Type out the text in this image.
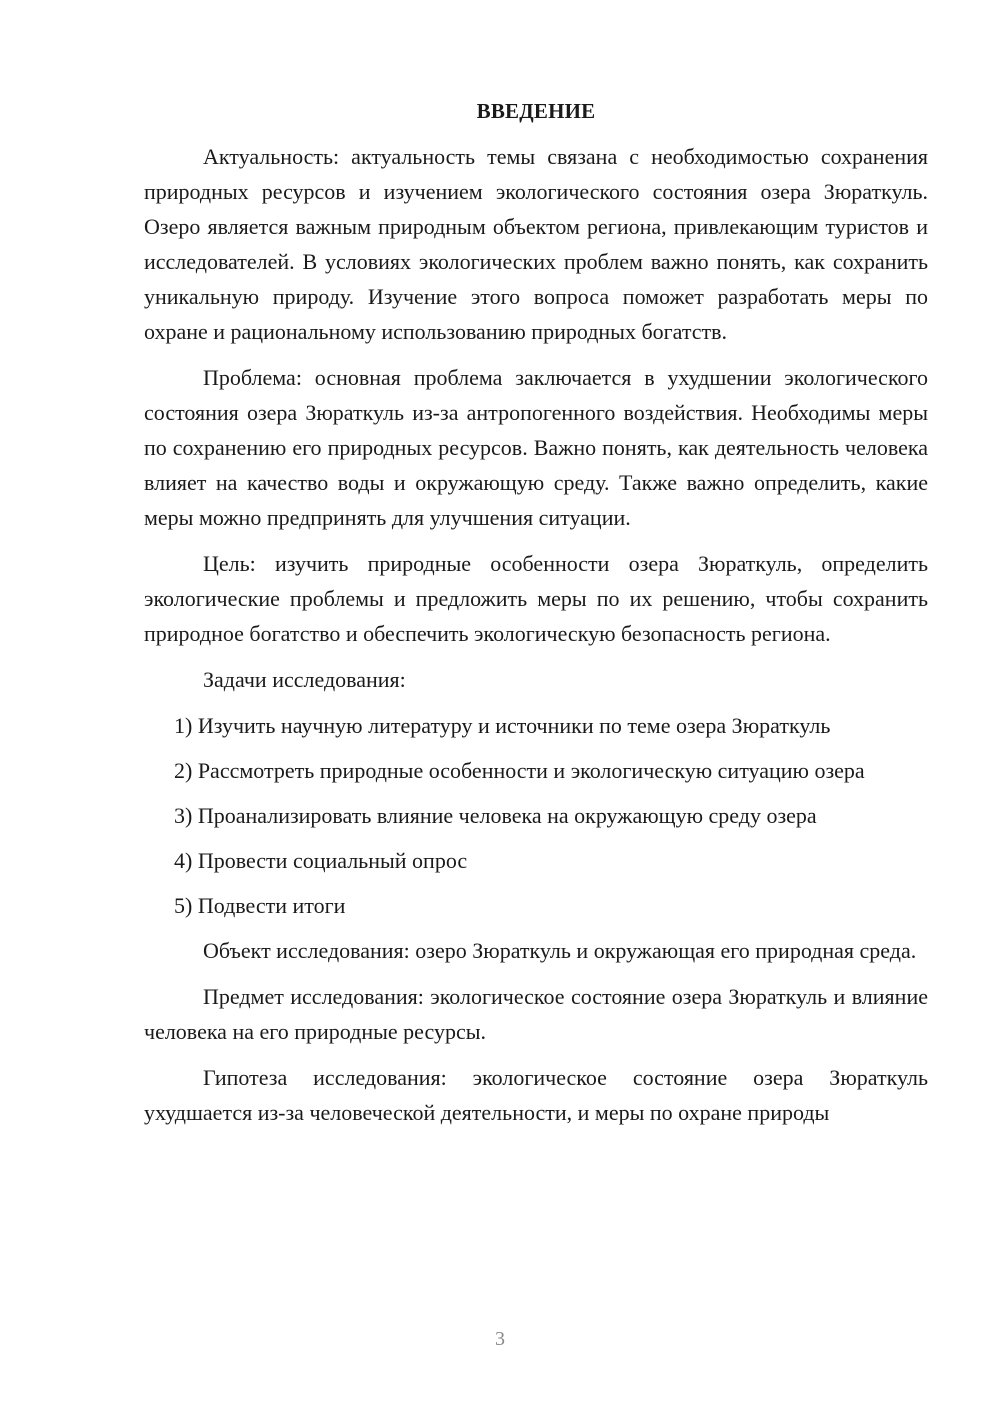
ВВЕДЕНИЕ

Актуальность: актуальность темы связана с необходимостью сохранения природных ресурсов и изучением экологического состояния озера Зюраткуль. Озеро является важным природным объектом региона, привлекающим туристов и исследователей. В условиях экологических проблем важно понять, как сохранить уникальную природу. Изучение этого вопроса поможет разработать меры по охране и рациональному использованию природных богатств.

Проблема: основная проблема заключается в ухудшении экологического состояния озера Зюраткуль из-за антропогенного воздействия. Необходимы меры по сохранению его природных ресурсов. Важно понять, как деятельность человека влияет на качество воды и окружающую среду. Также важно определить, какие меры можно предпринять для улучшения ситуации.

Цель: изучить природные особенности озера Зюраткуль, определить экологические проблемы и предложить меры по их решению, чтобы сохранить природное богатство и обеспечить экологическую безопасность региона.

Задачи исследования:

1) Изучить научную литературу и источники по теме озера Зюраткуль

2) Рассмотреть природные особенности и экологическую ситуацию озера

3) Проанализировать влияние человека на окружающую среду озера

4) Провести социальный опрос

5) Подвести итоги

Объект исследования: озеро Зюраткуль и окружающая его природная среда.

Предмет исследования: экологическое состояние озера Зюраткуль и влияние человека на его природные ресурсы.

Гипотеза исследования: экологическое состояние озера Зюраткуль ухудшается из-за человеческой деятельности, и меры по охране природы

3
